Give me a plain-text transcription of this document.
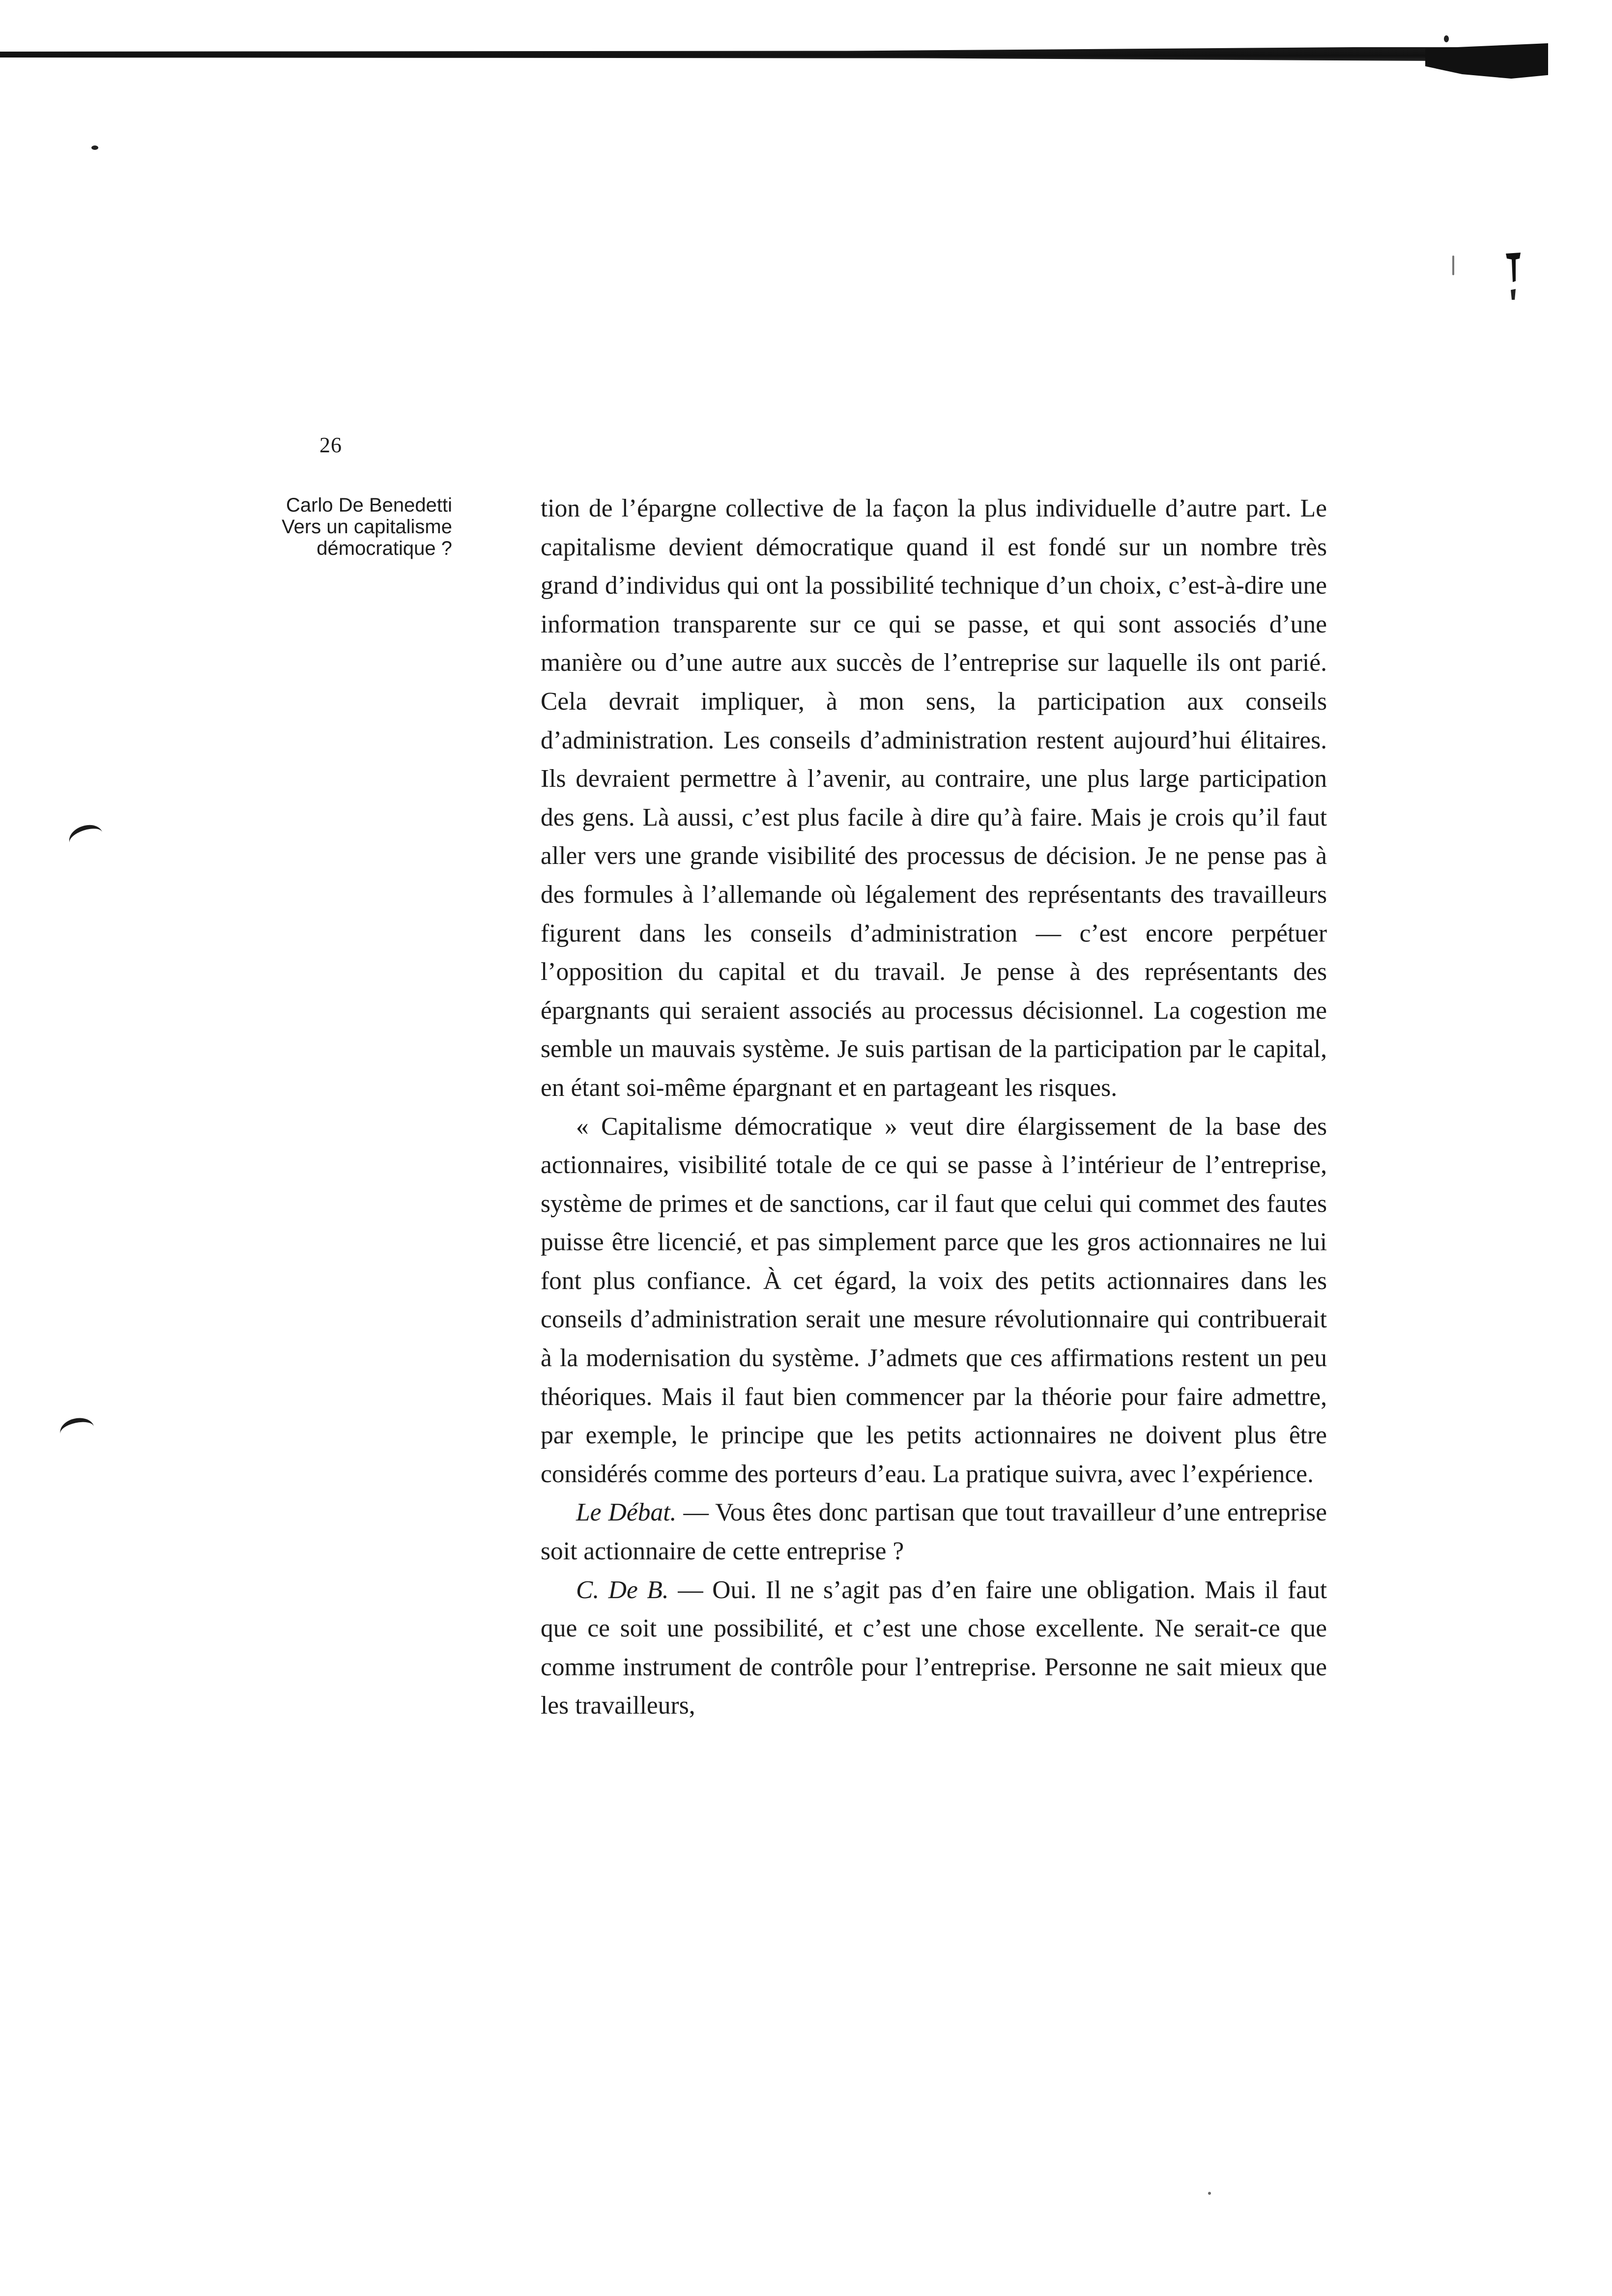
26
Carlo De Benedetti
Vers un capitalisme
démocratique ?

tion de l’épargne collective de la façon la plus individuelle d’autre part. Le capitalisme devient démocratique quand il est fondé sur un nombre très grand d’individus qui ont la possibilité technique d’un choix, c’est-à-dire une information transparente sur ce qui se passe, et qui sont associés d’une manière ou d’une autre aux succès de l’entreprise sur laquelle ils ont parié. Cela devrait impliquer, à mon sens, la participation aux conseils d’administration. Les conseils d’administration restent aujourd’hui élitaires. Ils devraient permettre à l’avenir, au contraire, une plus large participation des gens. Là aussi, c’est plus facile à dire qu’à faire. Mais je crois qu’il faut aller vers une grande visibilité des processus de décision. Je ne pense pas à des formules à l’allemande où légalement des représentants des travailleurs figurent dans les conseils d’administration — c’est encore perpétuer l’opposition du capital et du travail. Je pense à des représentants des épargnants qui seraient associés au processus décisionnel. La cogestion me semble un mauvais système. Je suis partisan de la participation par le capital, en étant soi-même épargnant et en partageant les risques.

« Capitalisme démocratique » veut dire élargissement de la base des actionnaires, visibilité totale de ce qui se passe à l’intérieur de l’entreprise, système de primes et de sanctions, car il faut que celui qui commet des fautes puisse être licencié, et pas simplement parce que les gros actionnaires ne lui font plus confiance. À cet égard, la voix des petits actionnaires dans les conseils d’administration serait une mesure révolutionnaire qui contribuerait à la modernisation du système. J’admets que ces affirmations restent un peu théoriques. Mais il faut bien commencer par la théorie pour faire admettre, par exemple, le principe que les petits actionnaires ne doivent plus être considérés comme des porteurs d’eau. La pratique suivra, avec l’expérience.

Le Débat. — Vous êtes donc partisan que tout travailleur d’une entreprise soit actionnaire de cette entreprise ?

C. De B. — Oui. Il ne s’agit pas d’en faire une obligation. Mais il faut que ce soit une possibilité, et c’est une chose excellente. Ne serait-ce que comme instrument de contrôle pour l’entreprise. Personne ne sait mieux que les travailleurs,
